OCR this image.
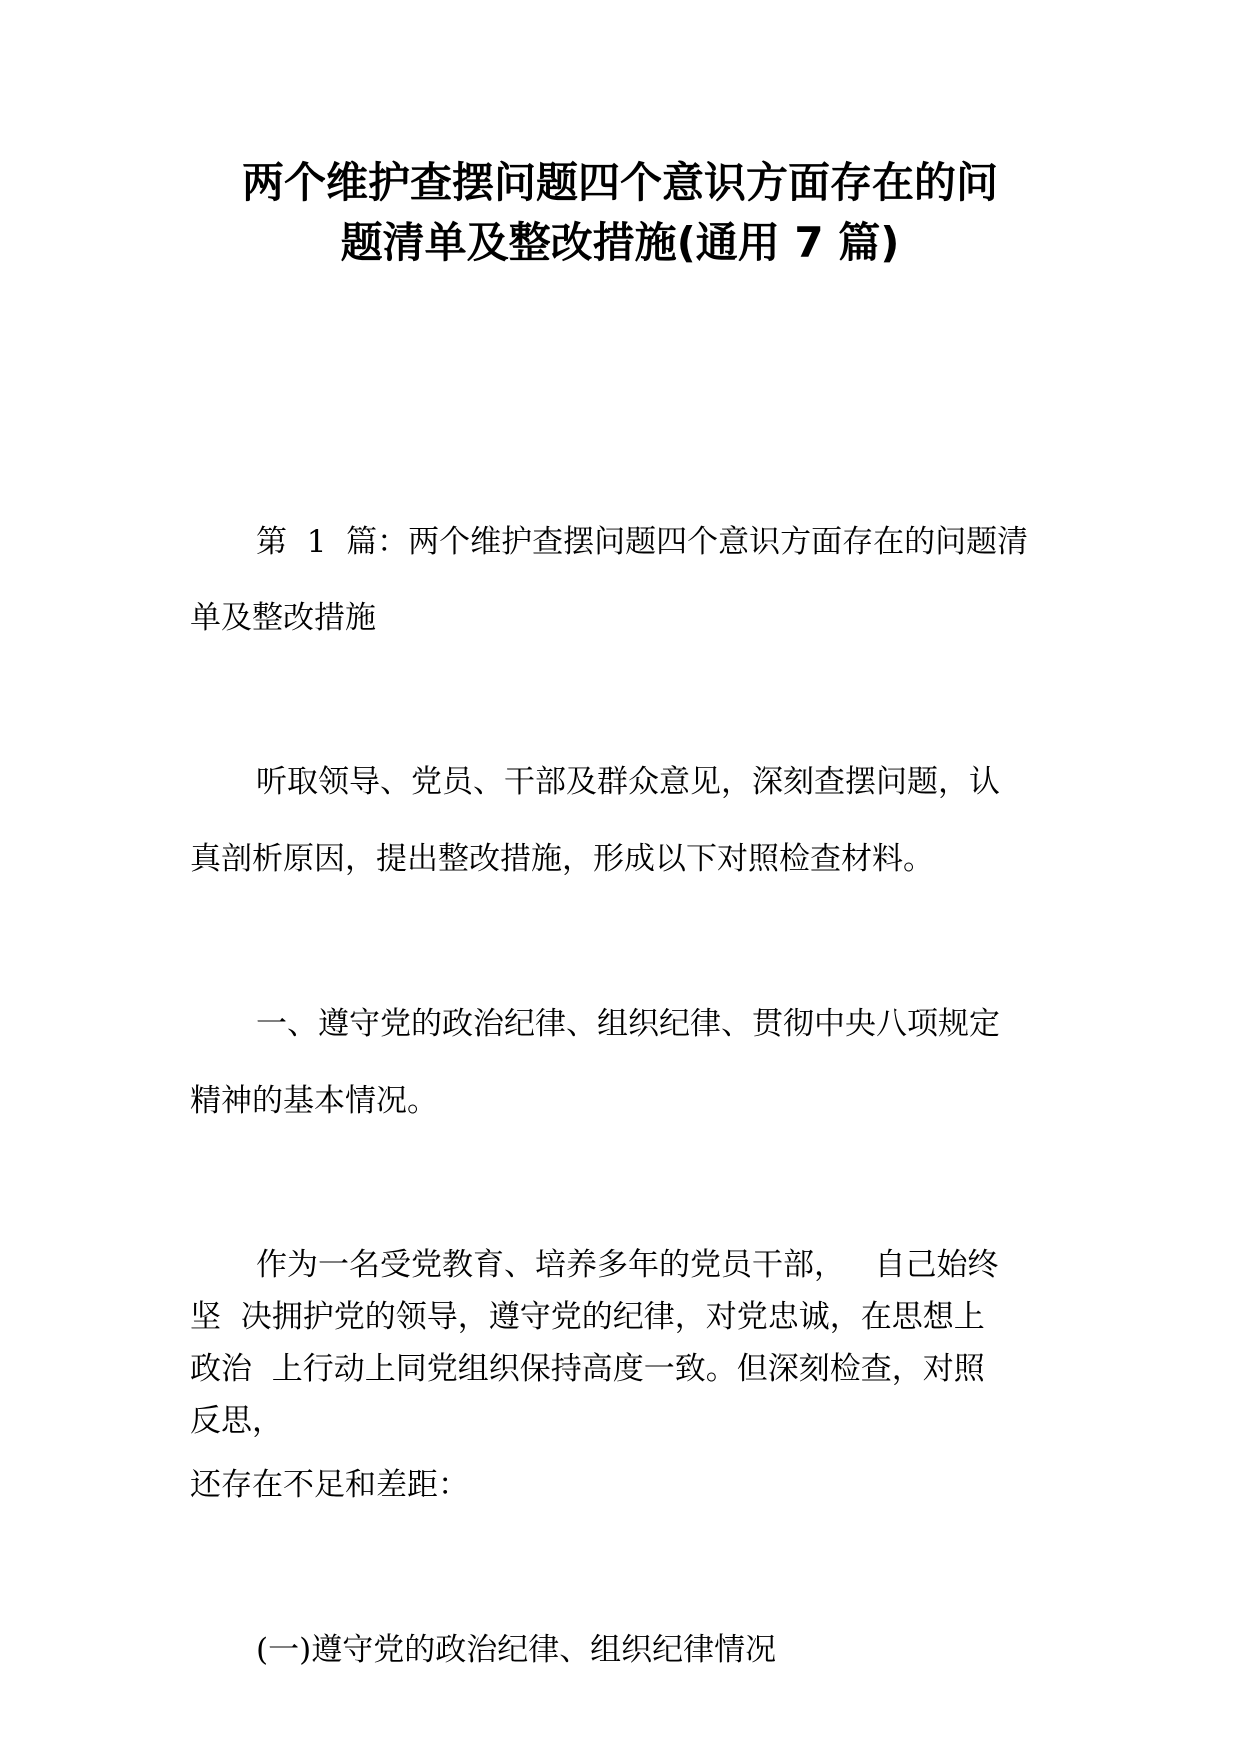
两个维护查摆问题四个意识方面存在的问
题清单及整改措施(通用 7 篇)

第  1  篇：两个维护查摆问题四个意识方面存在的问题清

单及整改措施

听取领导、党员、干部及群众意见，深刻查摆问题，认

真剖析原因，提出整改措施，形成以下对照检查材料。

一、遵守党的政治纪律、组织纪律、贯彻中央八项规定

精神的基本情况。

作为一名受党教育、培养多年的党员干部，   自己始终

坚  决拥护党的领导，遵守党的纪律，对党忠诚，在思想上

政治  上行动上同党组织保持高度一致。但深刻检查，对照

反思，

还存在不足和差距：

(一)遵守党的政治纪律、组织纪律情况
